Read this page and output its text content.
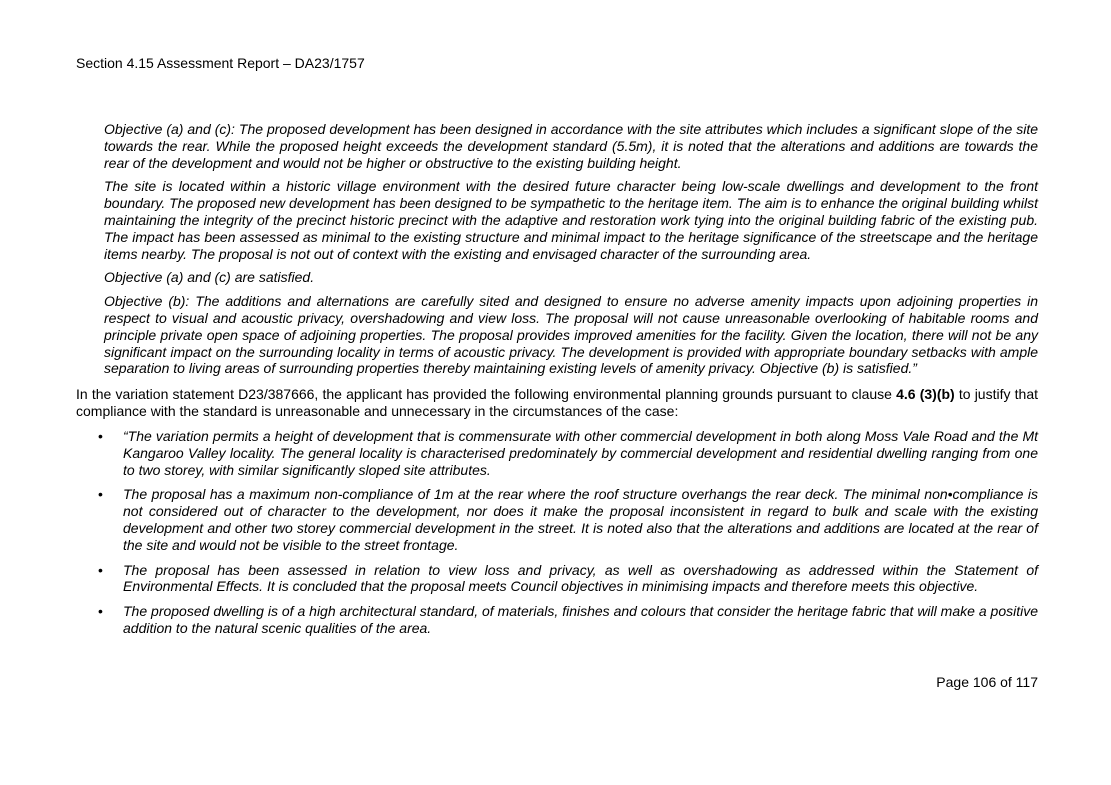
Section 4.15 Assessment Report – DA23/1757

Objective (a) and (c): The proposed development has been designed in accordance with the site attributes which includes a significant slope of the site towards the rear. While the proposed height exceeds the development standard (5.5m), it is noted that the alterations and additions are towards the rear of the development and would not be higher or obstructive to the existing building height.

The site is located within a historic village environment with the desired future character being low-scale dwellings and development to the front boundary. The proposed new development has been designed to be sympathetic to the heritage item. The aim is to enhance the original building whilst maintaining the integrity of the precinct historic precinct with the adaptive and restoration work tying into the original building fabric of the existing pub. The impact has been assessed as minimal to the existing structure and minimal impact to the heritage significance of the streetscape and the heritage items nearby. The proposal is not out of context with the existing and envisaged character of the surrounding area.

Objective (a) and (c) are satisfied.

Objective (b): The additions and alternations are carefully sited and designed to ensure no adverse amenity impacts upon adjoining properties in respect to visual and acoustic privacy, overshadowing and view loss. The proposal will not cause unreasonable overlooking of habitable rooms and principle private open space of adjoining properties. The proposal provides improved amenities for the facility. Given the location, there will not be any significant impact on the surrounding locality in terms of acoustic privacy. The development is provided with appropriate boundary setbacks with ample separation to living areas of surrounding properties thereby maintaining existing levels of amenity privacy. Objective (b) is satisfied.”

In the variation statement D23/387666, the applicant has provided the following environmental planning grounds pursuant to clause 4.6 (3)(b) to justify that compliance with the standard is unreasonable and unnecessary in the circumstances of the case:

• “The variation permits a height of development that is commensurate with other commercial development in both along Moss Vale Road and the Mt Kangaroo Valley locality. The general locality is characterised predominately by commercial development and residential dwelling ranging from one to two storey, with similar significantly sloped site attributes.
• The proposal has a maximum non-compliance of 1m at the rear where the roof structure overhangs the rear deck. The minimal non•compliance is not considered out of character to the development, nor does it make the proposal inconsistent in regard to bulk and scale with the existing development and other two storey commercial development in the street. It is noted also that the alterations and additions are located at the rear of the site and would not be visible to the street frontage.
• The proposal has been assessed in relation to view loss and privacy, as well as overshadowing as addressed within the Statement of Environmental Effects. It is concluded that the proposal meets Council objectives in minimising impacts and therefore meets this objective.
• The proposed dwelling is of a high architectural standard, of materials, finishes and colours that consider the heritage fabric that will make a positive addition to the natural scenic qualities of the area.
Page 106 of 117
